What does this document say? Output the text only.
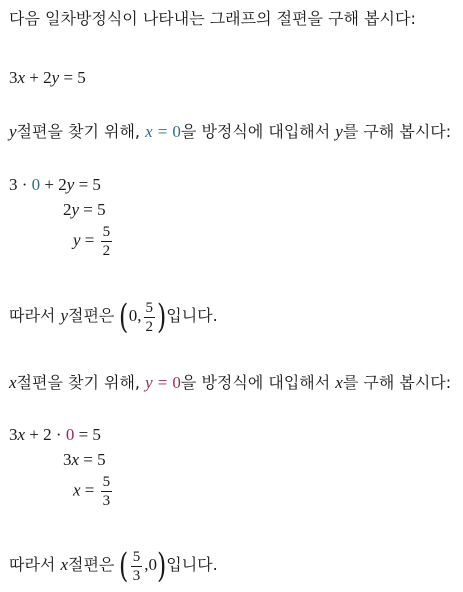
다음 일차방정식이 나타내는 그래프의 절편을 구해 봅시다:
3x + 2y = 5
y절편을 찾기 위해, x = 0을 방정식에 대입해서 y를 구해 봅시다:
3 · 0 + 2y = 5
2y = 5
$y = \frac{5}{2}$
따라서 y절편은 (0, $\frac{5}{2}$ )입니다.
x절편을 찾기 위해, y = 0을 방정식에 대입해서 x를 구해 봅시다:
3x + 2 · 0 = 5
3x = 5
$x = \frac{5}{3}$
따라서 x절편은 ( $\frac{5}{3} ,0$)입니다.
